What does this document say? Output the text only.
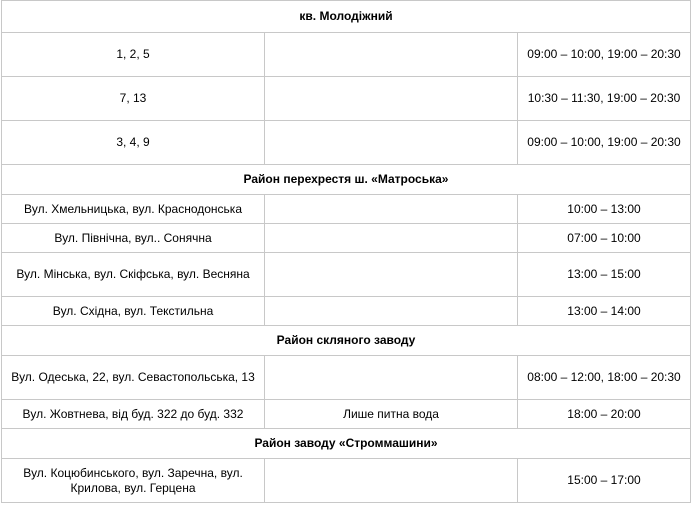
кв. Молодіжний		
1, 2, 5		09:00 – 10:00, 19:00 – 20:30
7, 13		10:30 – 11:30, 19:00 – 20:30
3, 4, 9		09:00 – 10:00, 19:00 – 20:30
Район перехрестя ш. «Матроська»		
Вул. Хмельницька, вул. Краснодонська		10:00 – 13:00
Вул. Північна, вул.. Сонячна		07:00 – 10:00
Вул. Мінська, вул. Скіфська, вул. Весняна		13:00 – 15:00
Вул. Східна, вул. Текстильна		13:00 – 14:00
Район скляного заводу		
Вул. Одеська, 22, вул. Севастопольська, 13		08:00 – 12:00, 18:00 – 20:30
Вул. Жовтнева, від буд. 322 до буд. 332	Лише питна вода	18:00 – 20:00
Район заводу «Строммашини»		
Вул. Коцюбинського, вул. Заречна, вул. Крилова, вул. Герцена		15:00 – 17:00
